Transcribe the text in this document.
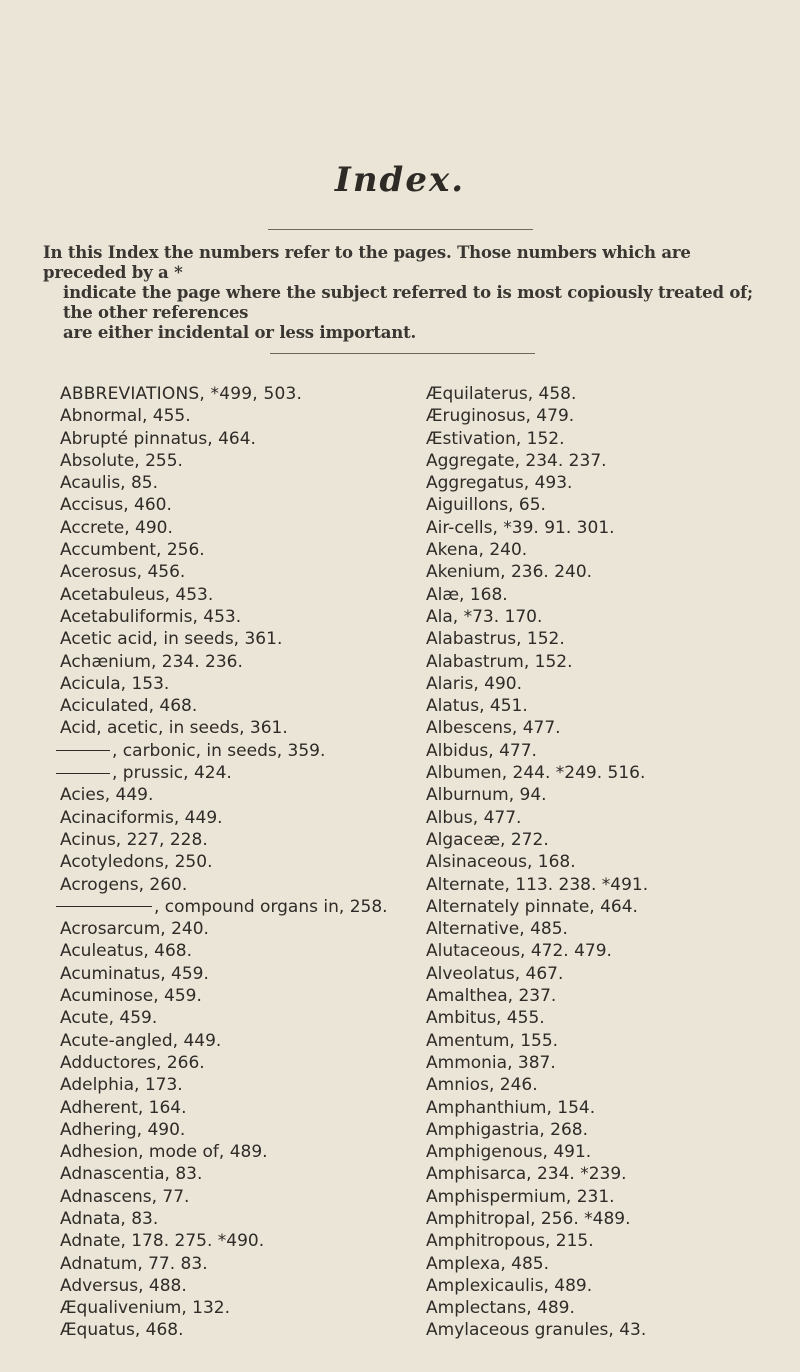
Index.
In this Index the numbers refer to the pages. Those numbers which are preceded by a *
indicate the page where the subject referred to is most copiously treated of; the other references
are either incidental or less important.
ABBREVIATIONS, *499, 503.
Abnormal, 455.
Abrupté pinnatus, 464.
Absolute, 255.
Acaulis, 85.
Accisus, 460.
Accrete, 490.
Accumbent, 256.
Acerosus, 456.
Acetabuleus, 453.
Acetabuliformis, 453.
Acetic acid, in seeds, 361.
Achænium, 234. 236.
Acicula, 153.
Aciculated, 468.
Acid, acetic, in seeds, 361.
, carbonic, in seeds, 359.
, prussic, 424.
Acies, 449.
Acinaciformis, 449.
Acinus, 227, 228.
Acotyledons, 250.
Acrogens, 260.
, compound organs in, 258.
Acrosarcum, 240.
Aculeatus, 468.
Acuminatus, 459.
Acuminose, 459.
Acute, 459.
Acute-angled, 449.
Adductores, 266.
Adelphia, 173.
Adherent, 164.
Adhering, 490.
Adhesion, mode of, 489.
Adnascentia, 83.
Adnascens, 77.
Adnata, 83.
Adnate, 178. 275. *490.
Adnatum, 77. 83.
Adversus, 488.
Æqualivenium, 132.
Æquatus, 468.
Æquilaterus, 458.
Æruginosus, 479.
Æstivation, 152.
Aggregate, 234. 237.
Aggregatus, 493.
Aiguillons, 65.
Air-cells, *39. 91. 301.
Akena, 240.
Akenium, 236. 240.
Alæ, 168.
Ala, *73. 170.
Alabastrus, 152.
Alabastrum, 152.
Alaris, 490.
Alatus, 451.
Albescens, 477.
Albidus, 477.
Albumen, 244. *249. 516.
Alburnum, 94.
Albus, 477.
Algaceæ, 272.
Alsinaceous, 168.
Alternate, 113. 238. *491.
Alternately pinnate, 464.
Alternative, 485.
Alutaceous, 472. 479.
Alveolatus, 467.
Amalthea, 237.
Ambitus, 455.
Amentum, 155.
Ammonia, 387.
Amnios, 246.
Amphanthium, 154.
Amphigastria, 268.
Amphigenous, 491.
Amphisarca, 234. *239.
Amphispermium, 231.
Amphitropal, 256. *489.
Amphitropous, 215.
Amplexa, 485.
Amplexicaulis, 489.
Amplectans, 489.
Amylaceous granules, 43.
